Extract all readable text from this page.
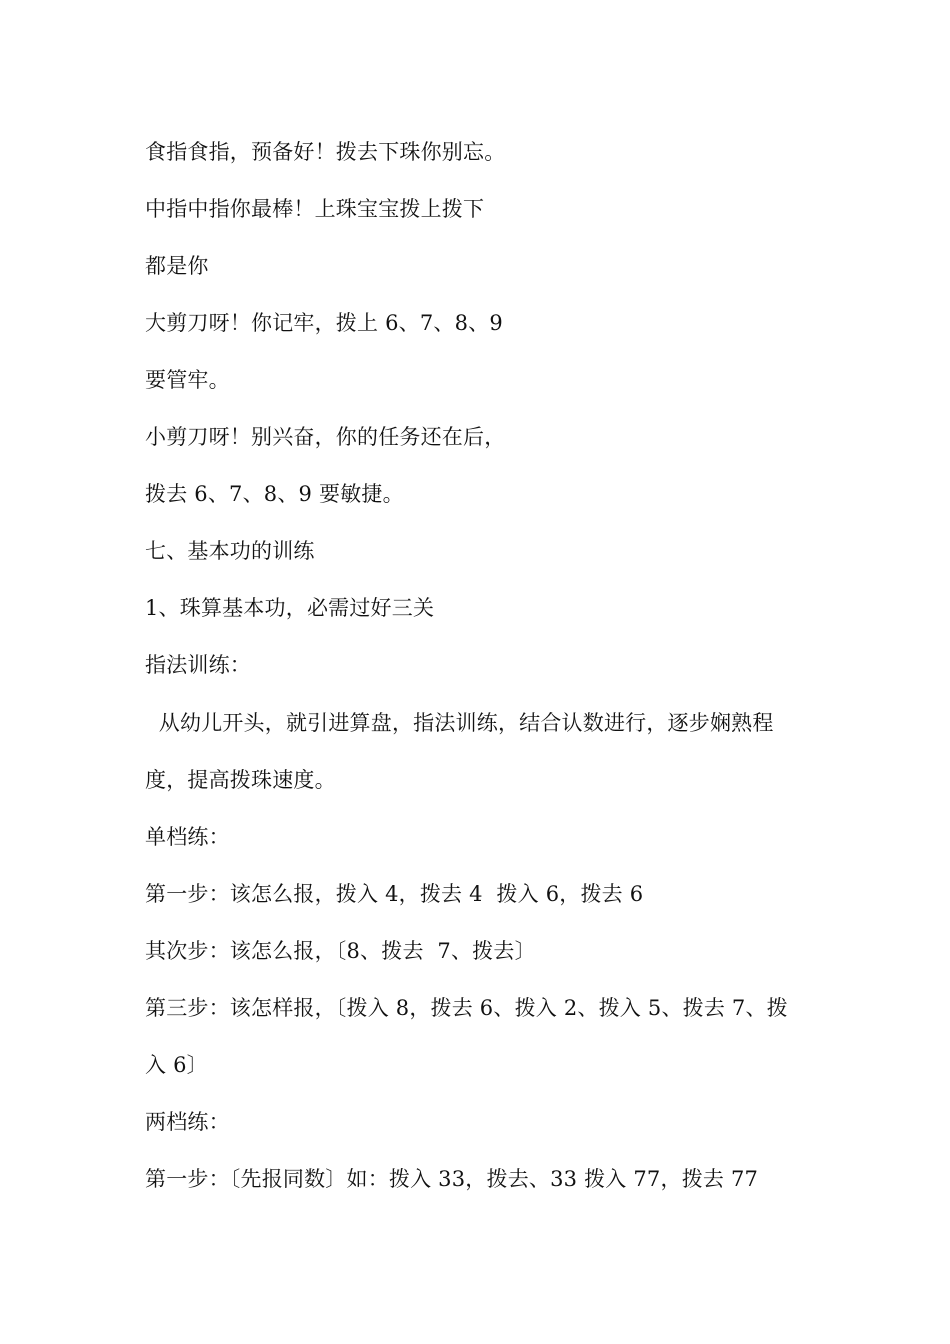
食指食指，预备好！拨去下珠你别忘。
中指中指你最棒！上珠宝宝拨上拨下
都是你
大剪刀呀！你记牢，拨上 6、7、8、9
要管牢。
小剪刀呀！别兴奋，你的任务还在后，
拨去 6、7、8、9 要敏捷。
七、基本功的训练
1、珠算基本功，必需过好三关
指法训练：
从幼儿开头，就引进算盘，指法训练，结合认数进行，逐步娴熟程
度，提高拨珠速度。
单档练：
第一步：该怎么报，拨入 4，拨去 4  拨入 6，拨去 6
其次步：该怎么报，〔8、拨去  7、拨去〕
第三步：该怎样报，〔拨入 8，拨去 6、拨入 2、拨入 5、拨去 7、拨
入 6〕
两档练：
第一步：〔先报同数〕如：拨入 33，拨去、33 拨入 77，拨去 77
